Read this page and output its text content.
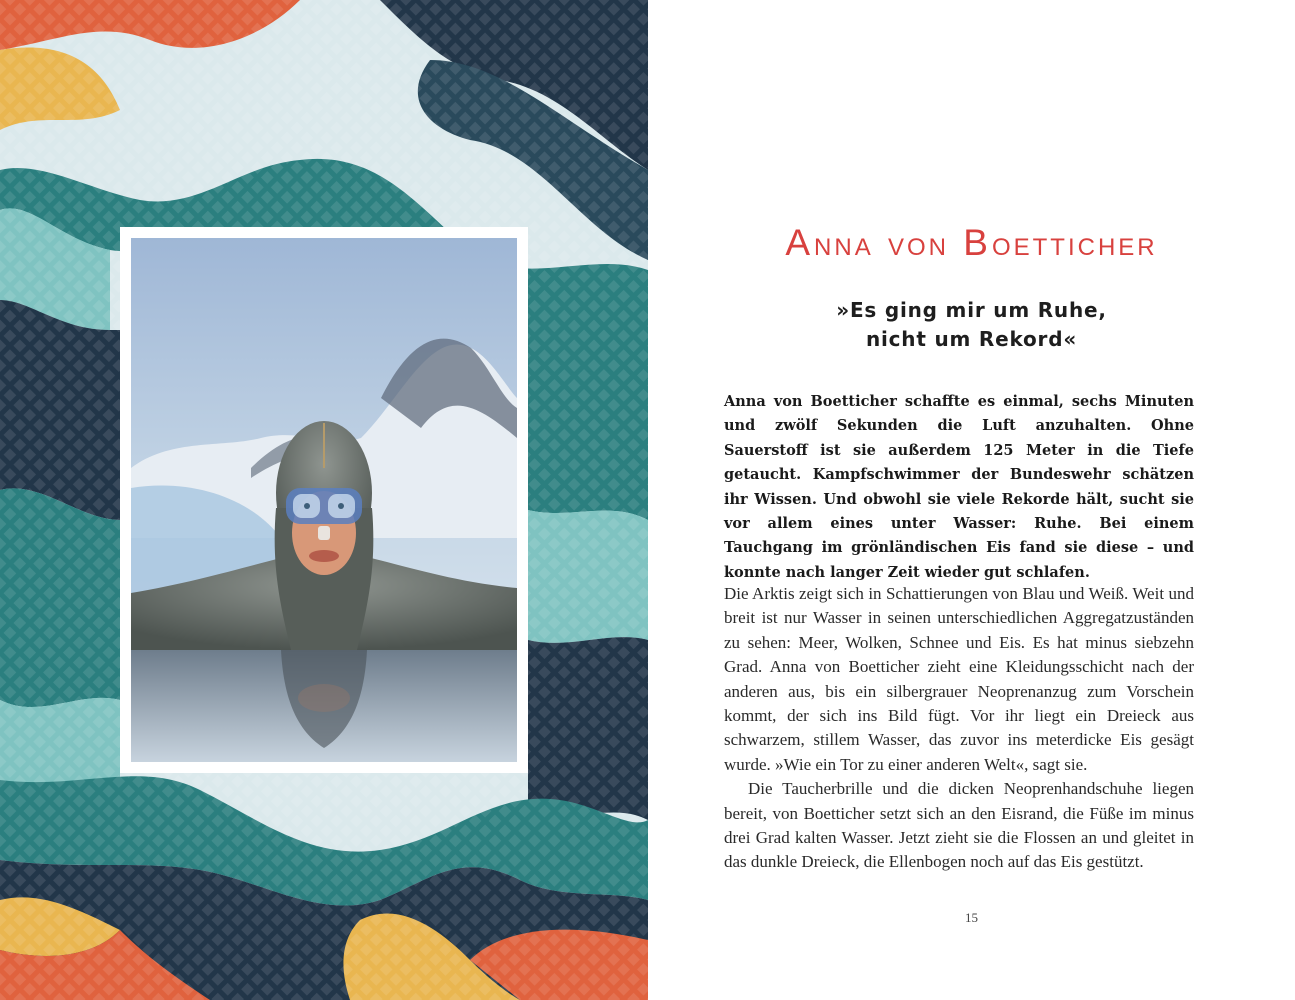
ANNA VON BOETTICHER
»Es ging mir um Ruhe,
nicht um Rekord«

Anna von Boetticher schaffte es einmal, sechs Minuten und zwölf Sekunden die Luft anzuhalten. Ohne Sauerstoff ist sie außerdem 125 Meter in die Tiefe getaucht. Kampfschwimmer der Bundeswehr schätzen ihr Wissen. Und obwohl sie viele Rekorde hält, sucht sie vor allem eines unter Wasser: Ruhe. Bei einem Tauchgang im grönländischen Eis fand sie diese – und konnte nach langer Zeit wieder gut schlafen.

Die Arktis zeigt sich in Schattierungen von Blau und Weiß. Weit und breit ist nur Wasser in seinen unterschiedlichen Aggregatzuständen zu sehen: Meer, Wolken, Schnee und Eis. Es hat minus siebzehn Grad. Anna von Boetticher zieht eine Kleidungsschicht nach der anderen aus, bis ein silbergrauer Neoprenanzug zum Vorschein kommt, der sich ins Bild fügt. Vor ihr liegt ein Dreieck aus schwarzem, stillem Wasser, das zuvor ins meterdicke Eis gesägt wurde. »Wie ein Tor zu einer anderen Welt«, sagt sie.

Die Taucherbrille und die dicken Neoprenhandschuhe liegen bereit, von Boetticher setzt sich an den Eisrand, die Füße im minus drei Grad kalten Wasser. Jetzt zieht sie die Flossen an und gleitet in das dunkle Dreieck, die Ellenbogen noch auf das Eis gestützt.

15
